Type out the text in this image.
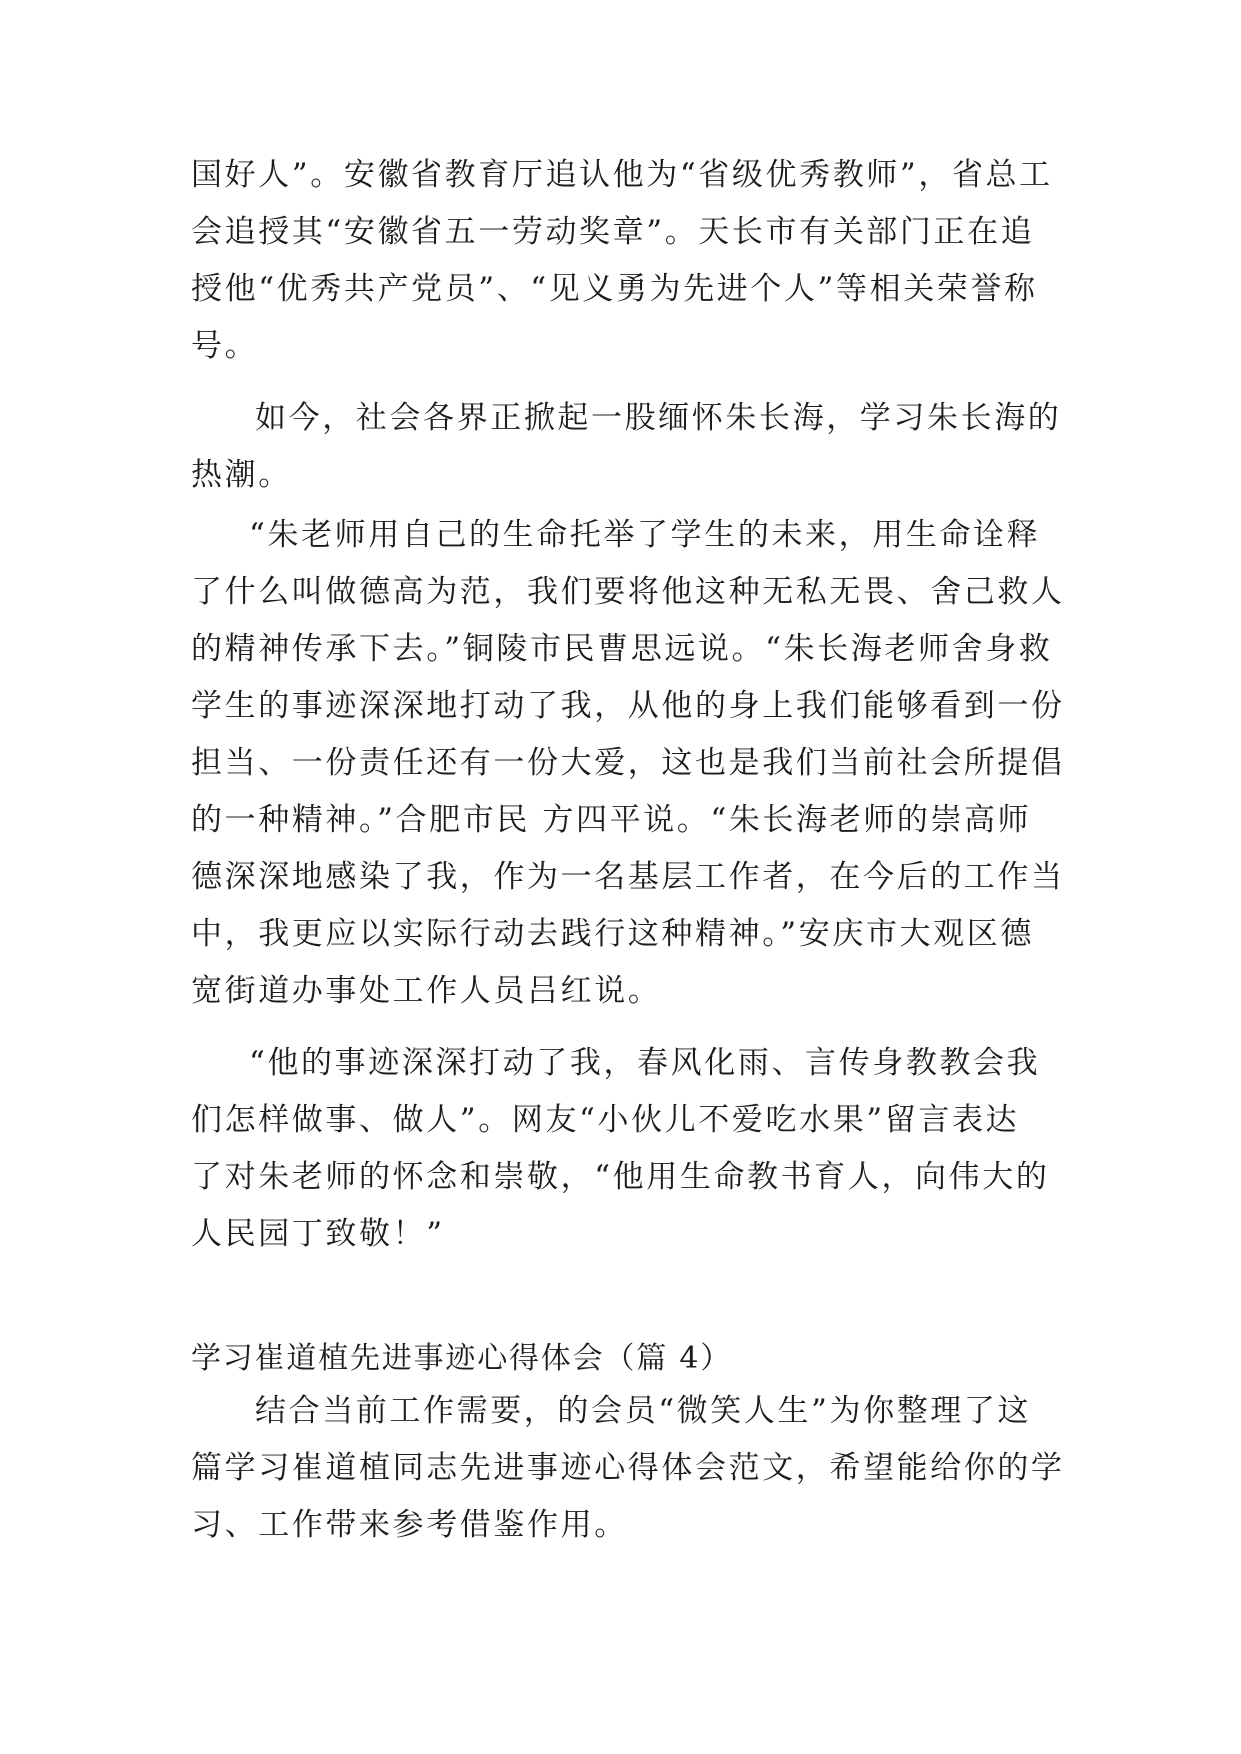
国好人”。安徽省教育厅追认他为“省级优秀教师”，省总工
会追授其“安徽省五一劳动奖章”。天长市有关部门正在追
授他“优秀共产党员”、“见义勇为先进个人”等相关荣誉称
号。
如今，社会各界正掀起一股缅怀朱长海，学习朱长海的
热潮。
“朱老师用自己的生命托举了学生的未来，用生命诠释
了什么叫做德高为范，我们要将他这种无私无畏、舍己救人
的精神传承下去。”铜陵市民曹思远说。“朱长海老师舍身救
学生的事迹深深地打动了我，从他的身上我们能够看到一份
担当、一份责任还有一份大爱，这也是我们当前社会所提倡
的一种精神。”合肥市民 方四平说。“朱长海老师的崇高师
德深深地感染了我，作为一名基层工作者，在今后的工作当
中，我更应以实际行动去践行这种精神。”安庆市大观区德
宽街道办事处工作人员吕红说。
“他的事迹深深打动了我，春风化雨、言传身教教会我
们怎样做事、做人”。网友“小伙儿不爱吃水果”留言表达
了对朱老师的怀念和崇敬，“他用生命教书育人，向伟大的
人民园丁致敬！”
学习崔道植先进事迹心得体会（篇 4）
结合当前工作需要，的会员“微笑人生”为你整理了这
篇学习崔道植同志先进事迹心得体会范文，希望能给你的学
习、工作带来参考借鉴作用。
